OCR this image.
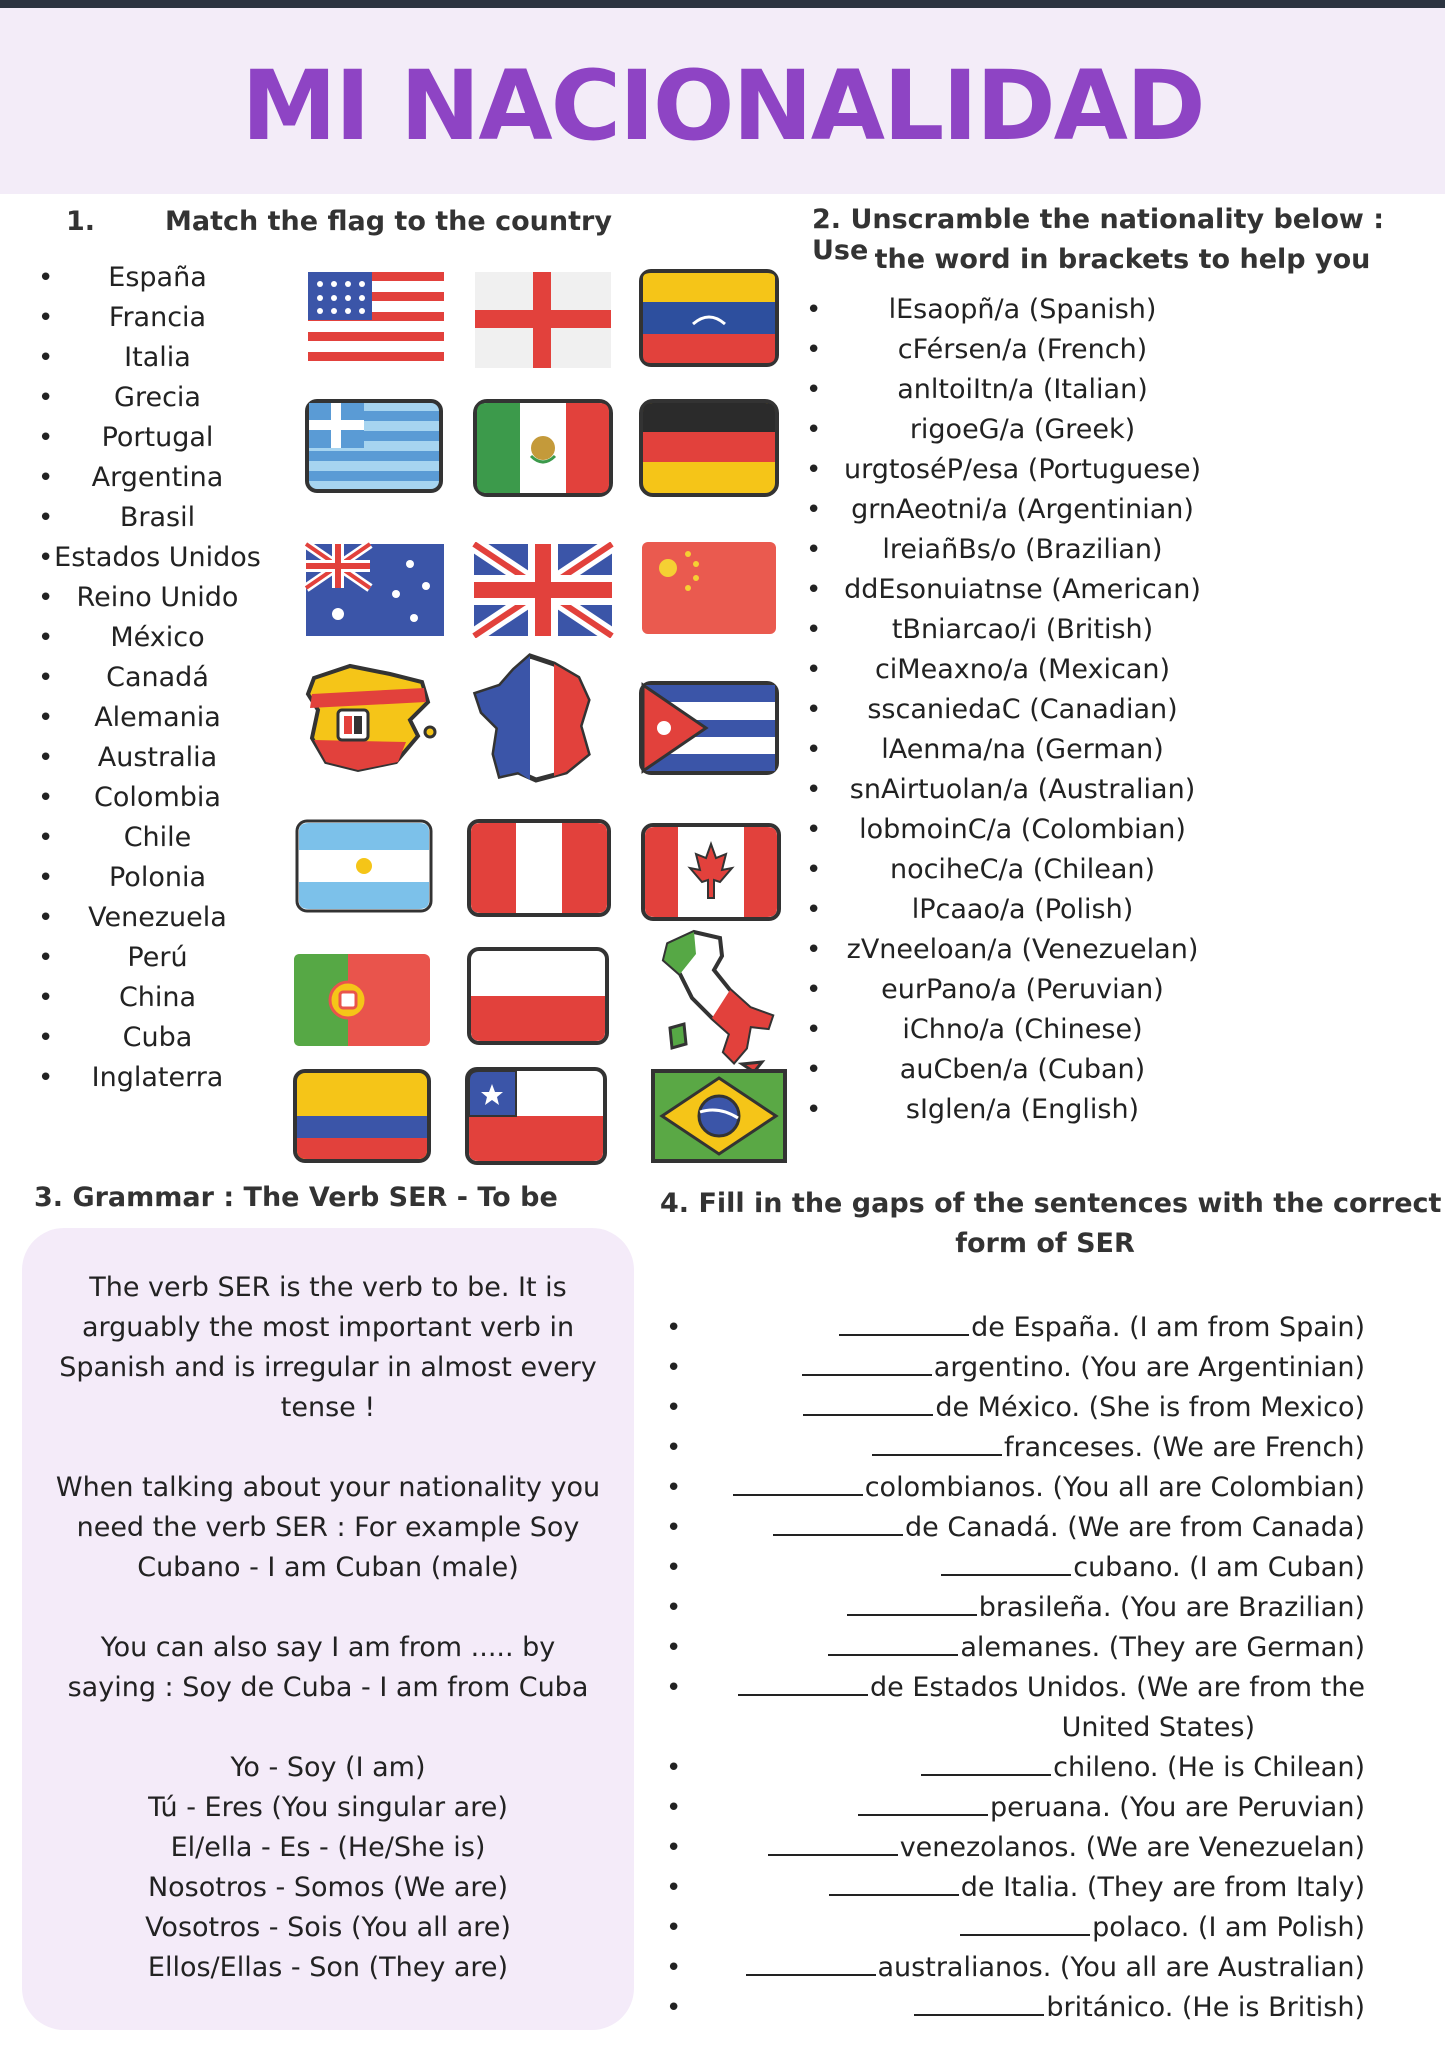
MI NACIONALIDAD
1.	Match the flag to the country
• España
• Francia
• Italia
• Grecia
• Portugal
• Argentina
• Brasil
• Estados Unidos
• Reino Unido
• México
• Canadá
• Alemania
• Australia
• Colombia
• Chile
• Polonia
• Venezuela
• Perú
• China
• Cuba
• Inglaterra
2. Unscramble the nationality below : Use the word in brackets to help you
• lEsaopñ/a (Spanish)
• cFérsen/a (French)
• anltoiItn/a (Italian)
• rigoeG/a (Greek)
• urgtoséP/esa (Portuguese)
• grnAeotni/a (Argentinian)
• lreiañBs/o (Brazilian)
• ddEsonuiatnse (American)
• tBniarcao/i (British)
• ciMeaxno/a (Mexican)
• sscaniedaC (Canadian)
• lAenma/na (German)
• snAirtuolan/a (Australian)
• lobmoinC/a (Colombian)
• nociheC/a (Chilean)
• lPcaao/a (Polish)
• zVneeloan/a (Venezuelan)
• eurPano/a (Peruvian)
• iChno/a (Chinese)
• auCben/a (Cuban)
• sIglen/a (English)
3. Grammar : The Verb SER - To be

The verb SER is the verb to be. It is

arguably the most important verb in

Spanish and is irregular in almost every

tense !

When talking about your nationality you

need the verb SER : For example Soy

Cubano - I am Cuban (male)

You can also say I am from ..... by

saying : Soy de Cuba - I am from Cuba

Yo - Soy (I am)

Tú - Eres (You singular are)

El/ella - Es - (He/She is)

Nosotros - Somos (We are)

Vosotros - Sois (You all are)

Ellos/Ellas - Son (They are)

4. Fill in the gaps of the sentences with the correct
form of SER
• de España. (I am from Spain)
• argentino. (You are Argentinian)
• de México. (She is from Mexico)
• franceses. (We are French)
• colombianos. (You all are Colombian)
• de Canadá. (We are from Canada)
• cubano. (I am Cuban)
• brasileña. (You are Brazilian)
• alemanes. (They are German)
• de Estados Unidos. (We are from the
United States)
• chileno. (He is Chilean)
• peruana. (You are Peruvian)
• venezolanos. (We are Venezuelan)
• de Italia. (They are from Italy)
• polaco. (I am Polish)
• australianos. (You all are Australian)
• británico. (He is British)
